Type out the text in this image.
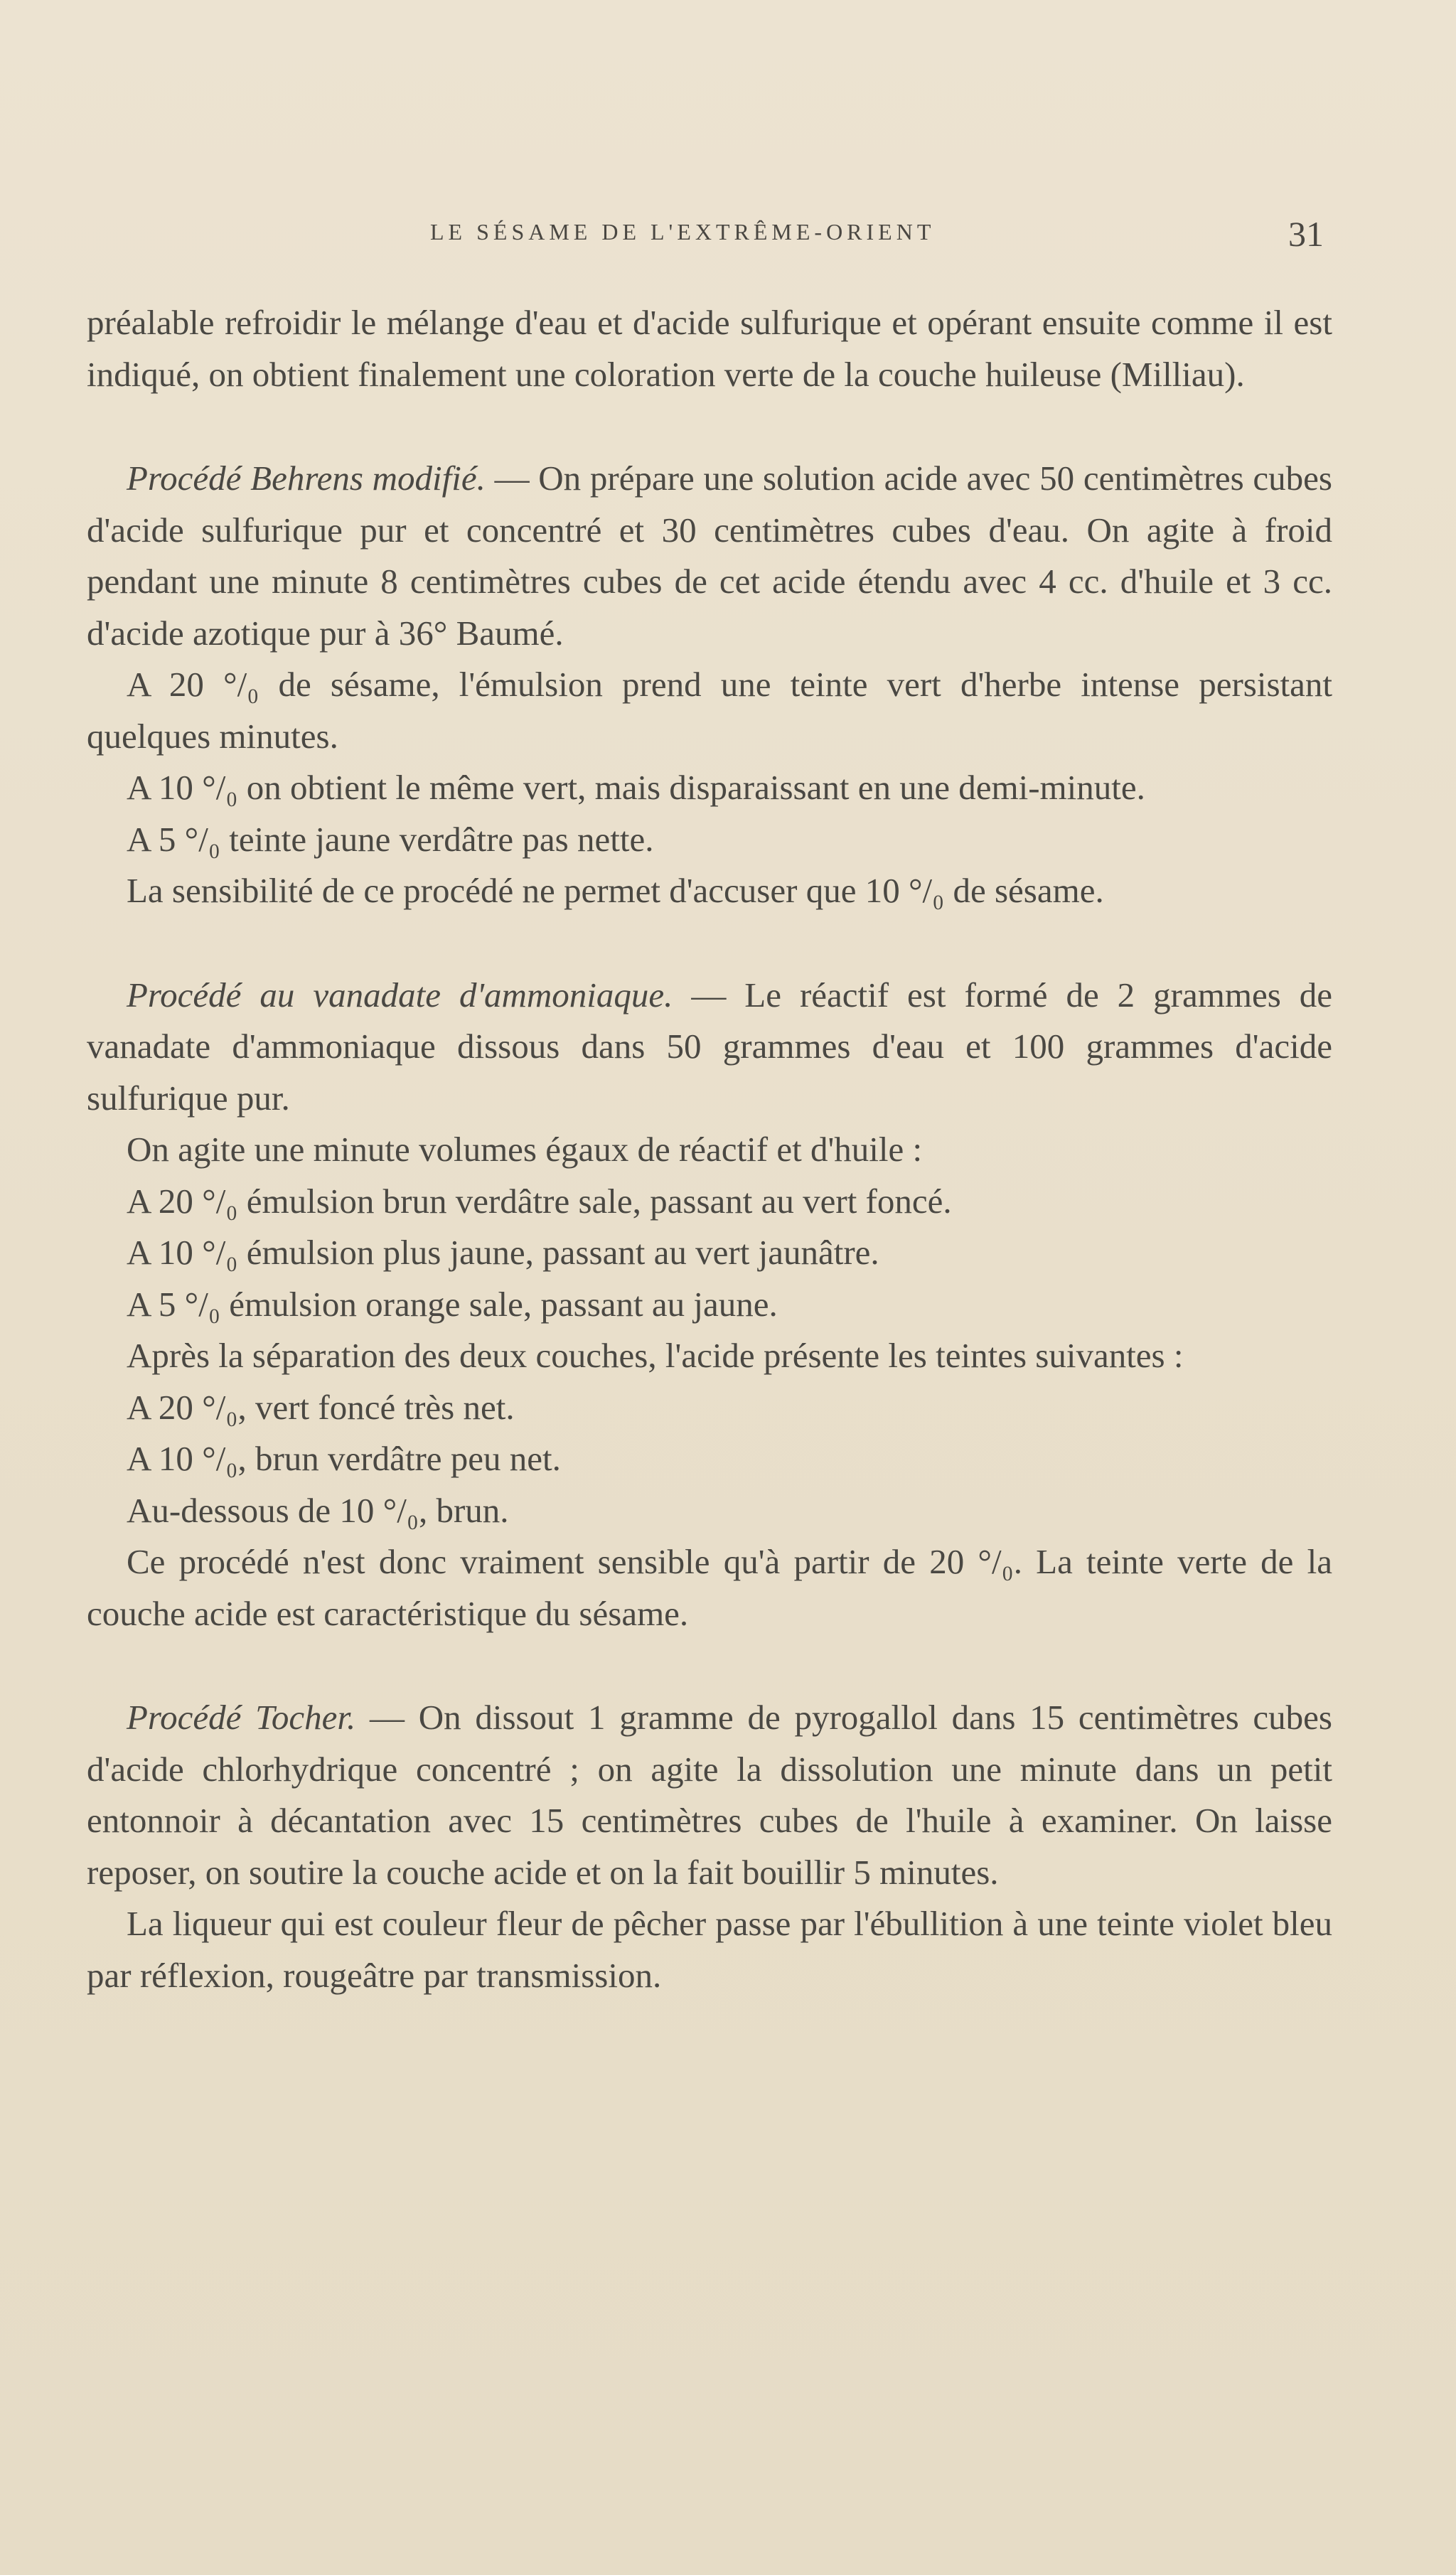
LE SÉSAME DE L'EXTRÊME-ORIENT	31

préalable refroidir le mélange d'eau et d'acide sulfurique et opérant ensuite comme il est indiqué, on obtient finalement une coloration verte de la couche huileuse (Milliau).

Procédé Behrens modifié. — On prépare une solution acide avec 50 centimètres cubes d'acide sulfurique pur et concentré et 30 centimètres cubes d'eau. On agite à froid pendant une minute 8 centimètres cubes de cet acide étendu avec 4 cc. d'huile et 3 cc. d'acide azotique pur à 36° Baumé.

A 20 °/₀ de sésame, l'émulsion prend une teinte vert d'herbe intense persistant quelques minutes.

A 10 °/₀ on obtient le même vert, mais disparaissant en une demi-minute.

A 5 °/₀ teinte jaune verdâtre pas nette.

La sensibilité de ce procédé ne permet d'accuser que 10 °/₀ de sésame.

Procédé au vanadate d'ammoniaque. — Le réactif est formé de 2 grammes de vanadate d'ammoniaque dissous dans 50 grammes d'eau et 100 grammes d'acide sulfurique pur.

On agite une minute volumes égaux de réactif et d'huile :

A 20 °/₀ émulsion brun verdâtre sale, passant au vert foncé.

A 10 °/₀ émulsion plus jaune, passant au vert jaunâtre.

A 5 °/₀ émulsion orange sale, passant au jaune.

Après la séparation des deux couches, l'acide présente les teintes suivantes :

A 20 °/₀, vert foncé très net.

A 10 °/₀, brun verdâtre peu net.

Au-dessous de 10 °/₀, brun.

Ce procédé n'est donc vraiment sensible qu'à partir de 20 °/₀. La teinte verte de la couche acide est caractéristique du sésame.

Procédé Tocher. — On dissout 1 gramme de pyrogallol dans 15 centimètres cubes d'acide chlorhydrique concentré ; on agite la dissolution une minute dans un petit entonnoir à décantation avec 15 centimètres cubes de l'huile à examiner. On laisse reposer, on soutire la couche acide et on la fait bouillir 5 minutes.

La liqueur qui est couleur fleur de pêcher passe par l'ébullition à une teinte violet bleu par réflexion, rougeâtre par transmission.
